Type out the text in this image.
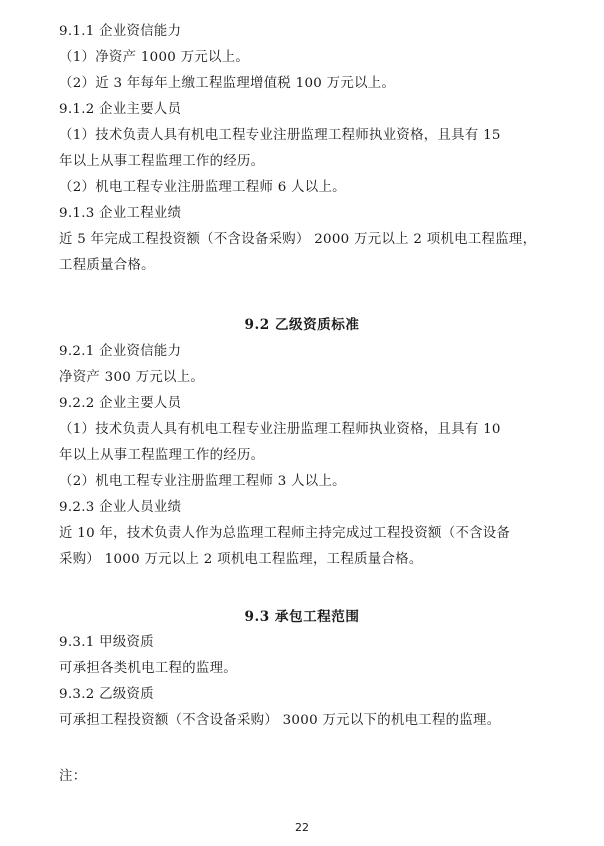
9.1.1 企业资信能力
（1）净资产 1000 万元以上。
（2）近 3 年每年上缴工程监理增值税 100 万元以上。
9.1.2 企业主要人员
（1）技术负责人具有机电工程专业注册监理工程师执业资格，且具有 15
年以上从事工程监理工作的经历。
（2）机电工程专业注册监理工程师 6 人以上。
9.1.3 企业工程业绩
近 5 年完成工程投资额（不含设备采购） 2000 万元以上 2 项机电工程监理，
工程质量合格。
9.2 乙级资质标准
9.2.1 企业资信能力
净资产 300 万元以上。
9.2.2 企业主要人员
（1）技术负责人具有机电工程专业注册监理工程师执业资格，且具有 10
年以上从事工程监理工作的经历。
（2）机电工程专业注册监理工程师 3 人以上。
9.2.3 企业人员业绩
近 10 年，技术负责人作为总监理工程师主持完成过工程投资额（不含设备
采购） 1000 万元以上 2 项机电工程监理，工程质量合格。
9.3 承包工程范围
9.3.1 甲级资质
可承担各类机电工程的监理。
9.3.2 乙级资质
可承担工程投资额（不含设备采购） 3000 万元以下的机电工程的监理。
注：
22
